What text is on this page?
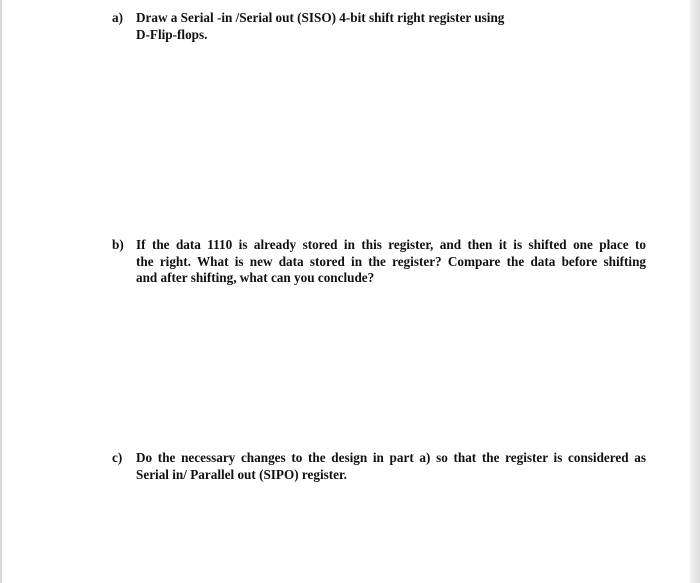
a) Draw a Serial -in /Serial out (SISO) 4-bit shift right register using
D-Flip-flops.
b) If the data 1110 is already stored in this register, and then it is shifted one place to
the right. What is new data stored in the register? Compare the data before shifting
and after shifting, what can you conclude?
c) Do the necessary changes to the design in part a) so that the register is considered as
Serial in/ Parallel out (SIPO) register.
